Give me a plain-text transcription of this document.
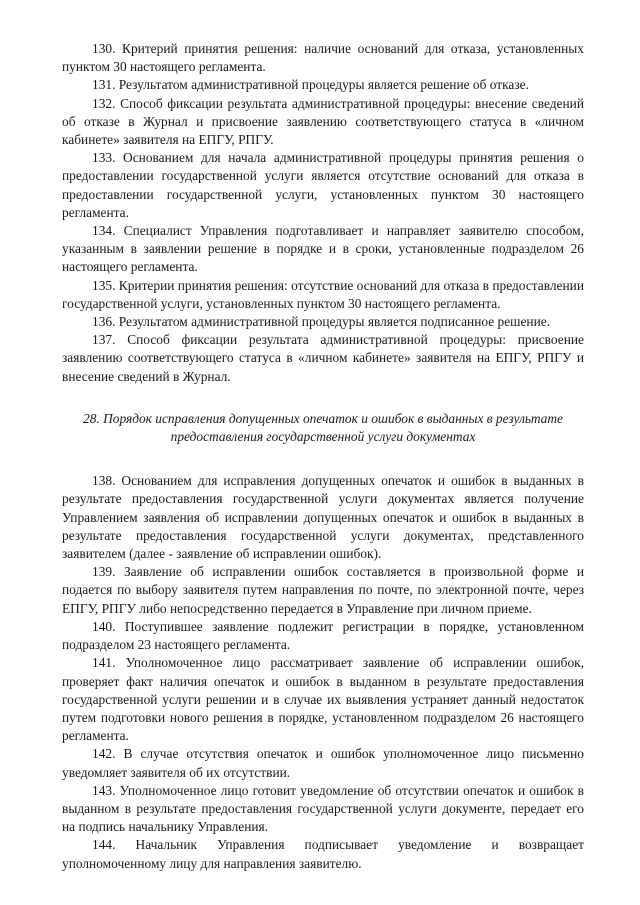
130. Критерий принятия решения: наличие оснований для отказа, установленных пунктом 30 настоящего регламента.

131. Результатом административной процедуры является решение об отказе.

132. Способ фиксации результата административной процедуры: внесение сведений об отказе в Журнал и присвоение заявлению соответствующего статуса в «личном кабинете» заявителя на ЕПГУ, РПГУ.

133. Основанием для начала административной процедуры принятия решения о предоставлении государственной услуги является отсутствие оснований для отказа в предоставлении государственной услуги, установленных пунктом 30 настоящего регламента.

134. Специалист Управления подготавливает и направляет заявителю способом, указанным в заявлении решение в порядке и в сроки, установленные подразделом 26 настоящего регламента.

135. Критерии принятия решения: отсутствие оснований для отказа в предоставлении государственной услуги, установленных пунктом 30 настоящего регламента.

136. Результатом административной процедуры является подписанное решение.

137. Способ фиксации результата административной процедуры: присвоение заявлению соответствующего статуса в «личном кабинете» заявителя на ЕПГУ, РПГУ и внесение сведений в Журнал.

28. Порядок исправления допущенных опечаток и ошибок в выданных в результате предоставления государственной услуги документах

138. Основанием для исправления допущенных опечаток и ошибок в выданных в результате предоставления государственной услуги документах является получение Управлением заявления об исправлении допущенных опечаток и ошибок в выданных в результате предоставления государственной услуги документах, представленного заявителем (далее - заявление об исправлении ошибок).

139. Заявление об исправлении ошибок составляется в произвольной форме и подается по выбору заявителя путем направления по почте, по электронной почте, через ЕПГУ, РПГУ либо непосредственно передается в Управление при личном приеме.

140. Поступившее заявление подлежит регистрации в порядке, установленном подразделом 23 настоящего регламента.

141. Уполномоченное лицо рассматривает заявление об исправлении ошибок, проверяет факт наличия опечаток и ошибок в выданном в результате предоставления государственной услуги решении и в случае их выявления устраняет данный недостаток путем подготовки нового решения в порядке, установленном подразделом 26 настоящего регламента.

142. В случае отсутствия опечаток и ошибок уполномоченное лицо письменно уведомляет заявителя об их отсутствии.

143. Уполномоченное лицо готовит уведомление об отсутствии опечаток и ошибок в выданном в результате предоставления государственной услуги документе, передает его на подпись начальнику Управления.

144. Начальник Управления подписывает уведомление и возвращает уполномоченному лицу для направления заявителю.
